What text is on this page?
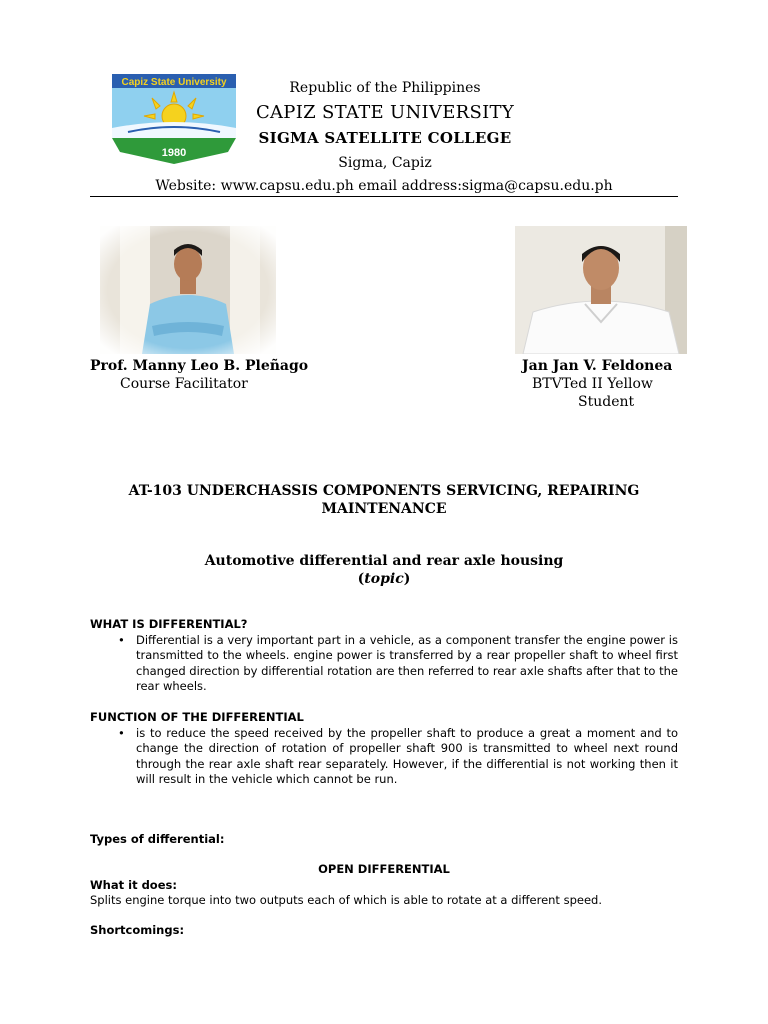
Capiz State University
1980
Republic of the Philippines
CAPIZ STATE UNIVERSITY
SIGMA SATELLITE COLLEGE
Sigma, Capiz
Website: www.capsu.edu.ph email address:sigma@capsu.edu.ph
Prof. Manny Leo B. Pleñago
Course Facilitator
Jan Jan V. Feldonea
BTVTed II Yellow
Student
AT-103 UNDERCHASSIS COMPONENTS SERVICING, REPAIRING MAINTENANCE
Automotive differential and rear axle housing
(topic)
WHAT IS DIFFERENTIAL?
• Differential is a very important part in a vehicle, as a component transfer the engine power is transmitted to the wheels. engine power is transferred by a rear propeller shaft to wheel first changed direction by differential rotation are then referred to rear axle shafts after that to the rear wheels.
FUNCTION OF THE DIFFERENTIAL
• is to reduce the speed received by the propeller shaft to produce a great a moment and to change the direction of rotation of propeller shaft 900 is transmitted to wheel next round through the rear axle shaft rear separately. However, if the differential is not working then it will result in the vehicle which cannot be run.
Types of differential:
OPEN DIFFERENTIAL
What it does:
Splits engine torque into two outputs each of which is able to rotate at a different speed.
Shortcomings:
